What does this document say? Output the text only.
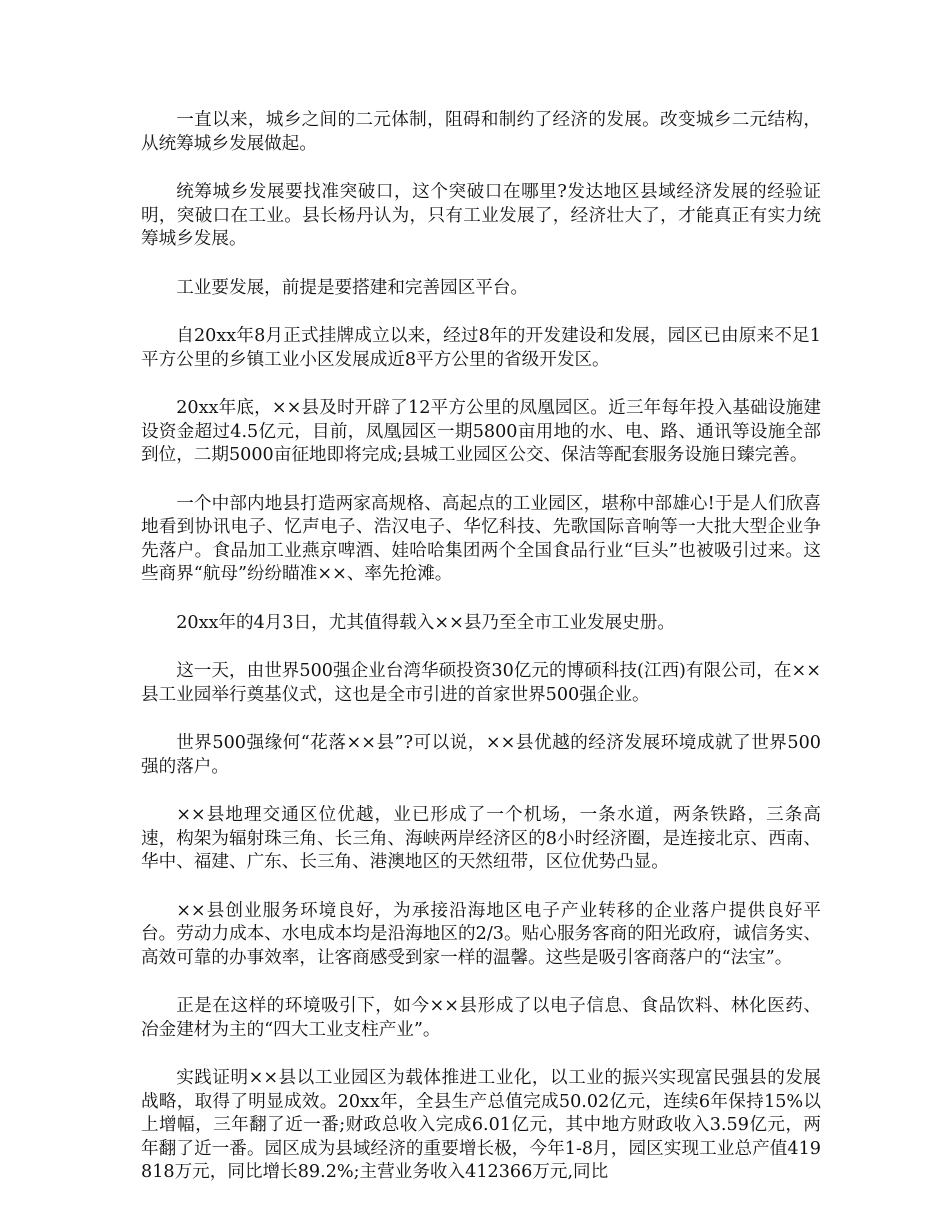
一直以来，城乡之间的二元体制，阻碍和制约了经济的发展。改变城乡二元结构，从统筹城乡发展做起。

统筹城乡发展要找准突破口，这个突破口在哪里?发达地区县域经济发展的经验证明，突破口在工业。县长杨丹认为，只有工业发展了，经济壮大了，才能真正有实力统筹城乡发展。

工业要发展，前提是要搭建和完善园区平台。

自20xx年8月正式挂牌成立以来，经过8年的开发建设和发展，园区已由原来不足1平方公里的乡镇工业小区发展成近8平方公里的省级开发区。

20xx年底，××县及时开辟了12平方公里的凤凰园区。近三年每年投入基础设施建设资金超过4.5亿元，目前，凤凰园区一期5800亩用地的水、电、路、通讯等设施全部到位，二期5000亩征地即将完成;县城工业园区公交、保洁等配套服务设施日臻完善。

一个中部内地县打造两家高规格、高起点的工业园区，堪称中部雄心!于是人们欣喜地看到协讯电子、忆声电子、浩汉电子、华忆科技、先歌国际音响等一大批大型企业争先落户。食品加工业燕京啤酒、娃哈哈集团两个全国食品行业“巨头”也被吸引过来。这些商界“航母”纷纷瞄准××、率先抢滩。

20xx年的4月3日，尤其值得载入××县乃至全市工业发展史册。

这一天，由世界500强企业台湾华硕投资30亿元的博硕科技(江西)有限公司，在××县工业园举行奠基仪式，这也是全市引进的首家世界500强企业。

世界500强缘何“花落××县”?可以说，××县优越的经济发展环境成就了世界500强的落户。

××县地理交通区位优越，业已形成了一个机场，一条水道，两条铁路，三条高速，构架为辐射珠三角、长三角、海峡两岸经济区的8小时经济圈，是连接北京、西南、华中、福建、广东、长三角、港澳地区的天然纽带，区位优势凸显。

××县创业服务环境良好，为承接沿海地区电子产业转移的企业落户提供良好平台。劳动力成本、水电成本均是沿海地区的2/3。贴心服务客商的阳光政府，诚信务实、高效可靠的办事效率，让客商感受到家一样的温馨。这些是吸引客商落户的“法宝”。

正是在这样的环境吸引下，如今××县形成了以电子信息、食品饮料、林化医药、冶金建材为主的“四大工业支柱产业”。

实践证明××县以工业园区为载体推进工业化，以工业的振兴实现富民强县的发展战略，取得了明显成效。20xx年，全县生产总值完成50.02亿元，连续6年保持15%以上增幅，三年翻了近一番;财政总收入完成6.01亿元，其中地方财政收入3.59亿元，两年翻了近一番。园区成为县域经济的重要增长极，今年1-8月，园区实现工业总产值419818万元，同比增长89.2%;主营业务收入412366万元,同比
